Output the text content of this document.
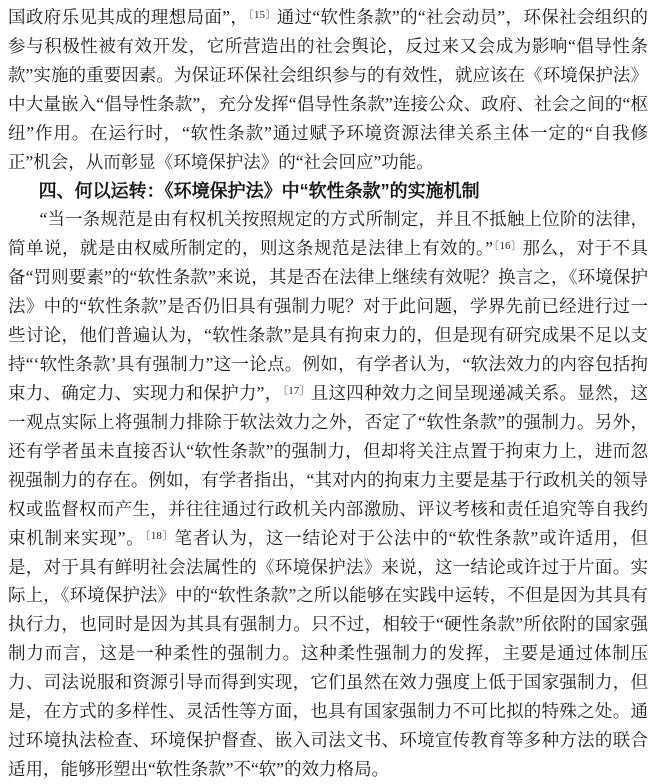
国政府乐见其成的理想局面”，$^{〔15〕}$通过“软性条款”的“社会动员”，环保社会组织的参与积极性被有效开发，它所营造出的社会舆论，反过来又会成为影响“倡导性条款”实施的重要因素。为保证环保社会组织参与的有效性，就应该在《环境保护法》中大量嵌入“倡导性条款”，充分发挥“倡导性条款”连接公众、政府、社会之间的“枢纽”作用。在运行时，“软性条款”通过赋予环境资源法律关系主体一定的“自我修正”机会，从而彰显《环境保护法》的“社会回应”功能。

四、何以运转：《环境保护法》中“软性条款”的实施机制

“当一条规范是由有权机关按照规定的方式所制定，并且不抵触上位阶的法律，简单说，就是由权威所制定的，则这条规范是法律上有效的。”$^{〔16〕}$那么，对于不具备“罚则要素”的“软性条款”来说，其是否在法律上继续有效呢？换言之，《环境保护法》中的“软性条款”是否仍旧具有强制力呢？对于此问题，学界先前已经进行过一些讨论，他们普遍认为，“软性条款”是具有拘束力的，但是现有研究成果不足以支持“‘软性条款’具有强制力”这一论点。例如，有学者认为，“软法效力的内容包括拘束力、确定力、实现力和保护力”，$^{〔17〕}$且这四种效力之间呈现递减关系。显然，这一观点实际上将强制力排除于软法效力之外，否定了“软性条款”的强制力。另外，还有学者虽未直接否认“软性条款”的强制力，但却将关注点置于拘束力上，进而忽视强制力的存在。例如，有学者指出，“其对内的拘束力主要是基于行政机关的领导权或监督权而产生，并往往通过行政机关内部激励、评议考核和责任追究等自我约束机制来实现”。$^{〔18〕}$笔者认为，这一结论对于公法中的“软性条款”或许适用，但是，对于具有鲜明社会法属性的《环境保护法》来说，这一结论或许过于片面。实际上，《环境保护法》中的“软性条款”之所以能够在实践中运转，不但是因为其具有执行力，也同时是因为其具有强制力。只不过，相较于“硬性条款”所依附的国家强制力而言，这是一种柔性的强制力。这种柔性强制力的发挥，主要是通过体制压力、司法说服和资源引导而得到实现，它们虽然在效力强度上低于国家强制力，但是，在方式的多样性、灵活性等方面，也具有国家强制力不可比拟的特殊之处。通过环境执法检查、环境保护督查、嵌入司法文书、环境宣传教育等多种方法的联合适用，能够形塑出“软性条款”不“软”的效力格局。
